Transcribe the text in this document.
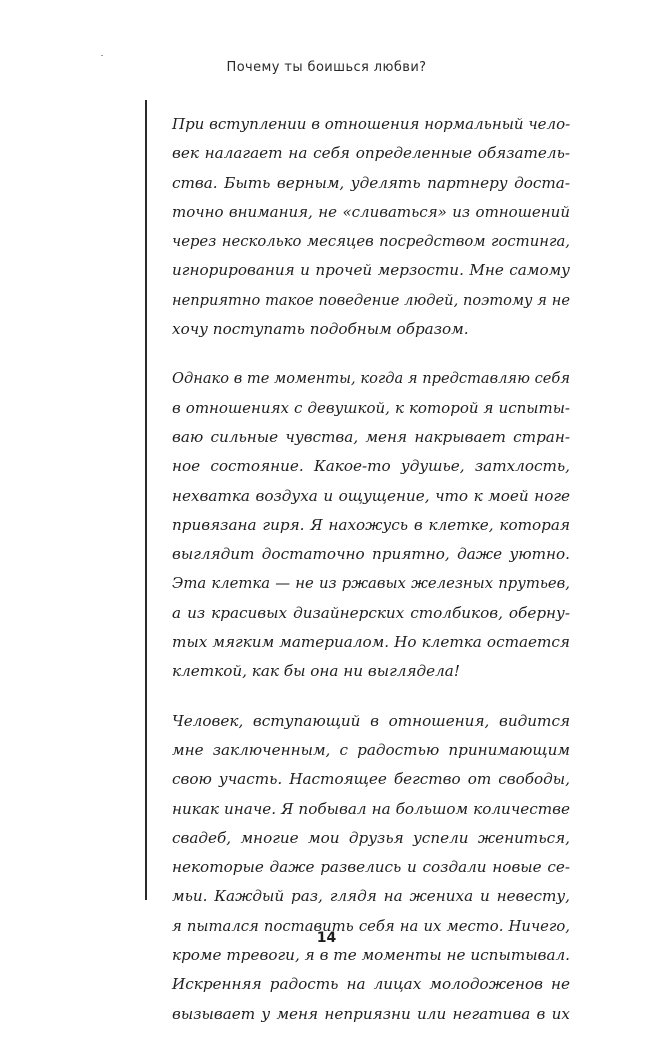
Почему ты боишься любви?
При вступлении в отношения нормальный чело-
век налагает на себя определенные обязатель-
ства. Быть верным, уделять партнеру доста-
точно внимания, не «сливаться» из отношений
через несколько месяцев посредством гостинга,
игнорирования и прочей мерзости. Мне самому
неприятно такое поведение людей, поэтому я не
хочу поступать подобным образом.
Однако в те моменты, когда я представляю себя
в отношениях с девушкой, к которой я испыты-
ваю сильные чувства, меня накрывает стран-
ное состояние. Какое-то удушье, затхлость,
нехватка воздуха и ощущение, что к моей ноге
привязана гиря. Я нахожусь в клетке, которая
выглядит достаточно приятно, даже уютно.
Эта клетка — не из ржавых железных прутьев,
а из красивых дизайнерских столбиков, оберну-
тых мягким материалом. Но клетка остается
клеткой, как бы она ни выглядела!
Человек, вступающий в отношения, видится
мне заключенным, с радостью принимающим
свою участь. Настоящее бегство от свободы,
никак иначе. Я побывал на большом количестве
свадеб, многие мои друзья успели жениться,
некоторые даже развелись и создали новые се-
мьи. Каждый раз, глядя на жениха и невесту,
я пытался поставить себя на их место. Ничего,
кроме тревоги, я в те моменты не испытывал.
Искренняя радость на лицах молодоженов не
вызывает у меня неприязни или негатива в их
14
